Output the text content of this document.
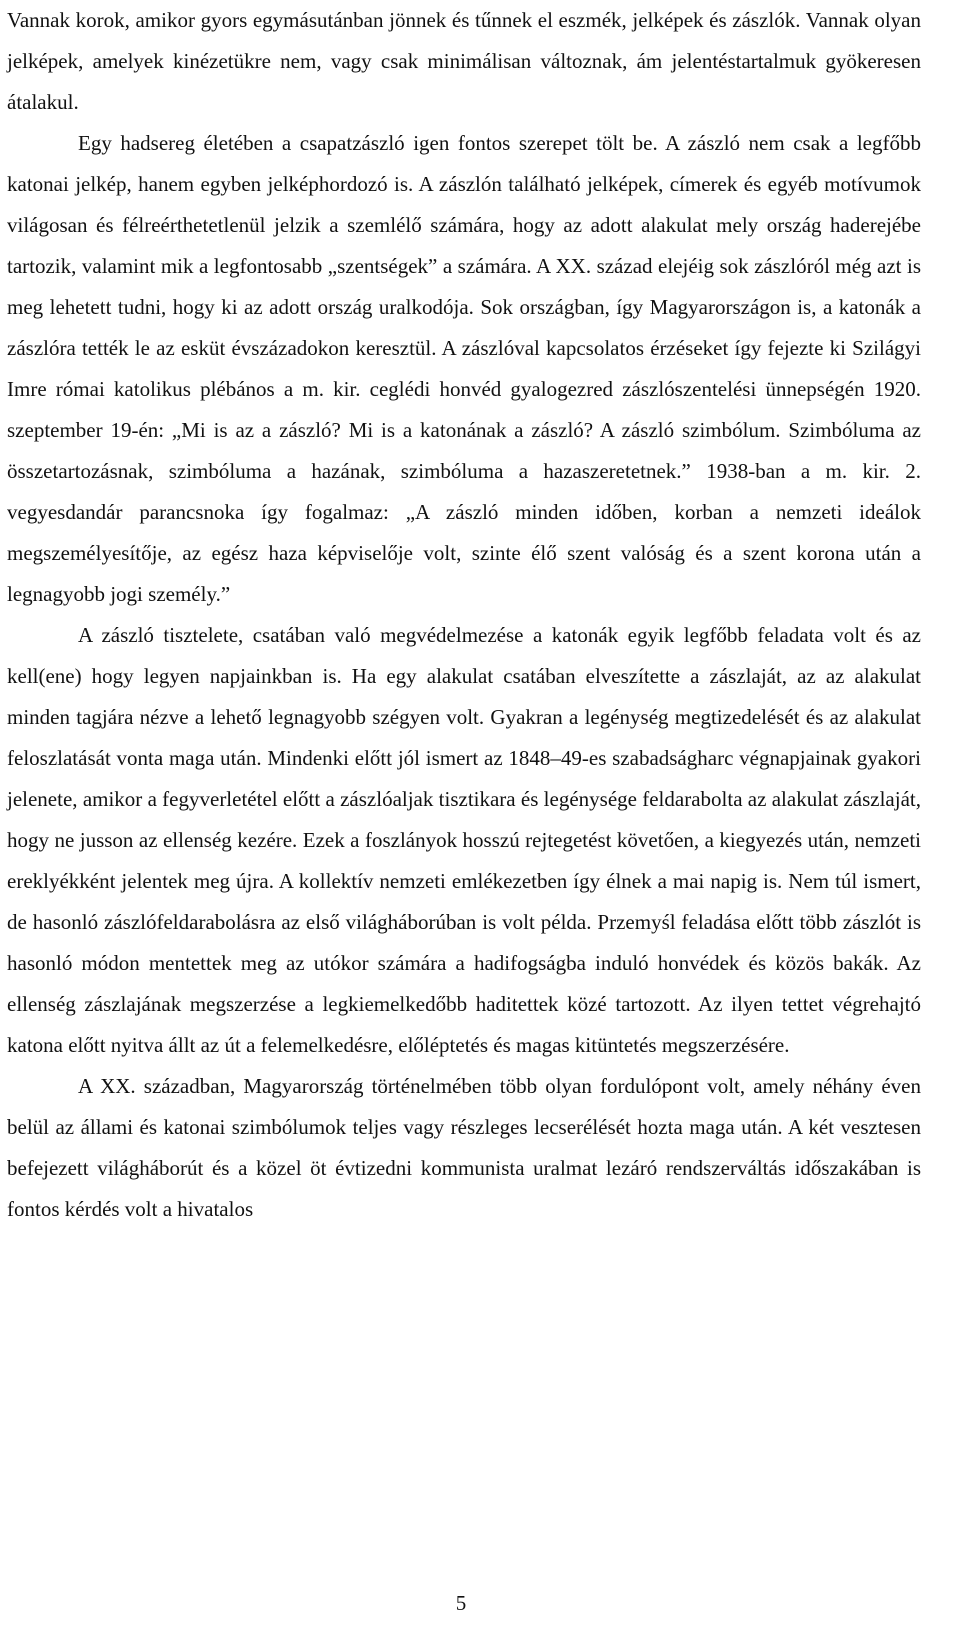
Vannak korok, amikor gyors egymásutánban jönnek és tűnnek el eszmék, jelképek és zászlók. Vannak olyan jelképek, amelyek kinézetükre nem, vagy csak minimálisan változnak, ám jelentéstartalmuk gyökeresen átalakul.

Egy hadsereg életében a csapatzászló igen fontos szerepet tölt be. A zászló nem csak a legfőbb katonai jelkép, hanem egyben jelképhordozó is. A zászlón található jelképek, címerek és egyéb motívumok világosan és félreérthetetlenül jelzik a szemlélő számára, hogy az adott alakulat mely ország haderejébe tartozik, valamint mik a legfontosabb „szentségek” a számára. A XX. század elejéig sok zászlóról még azt is meg lehetett tudni, hogy ki az adott ország uralkodója. Sok országban, így Magyarországon is, a katonák a zászlóra tették le az esküt évszázadokon keresztül. A zászlóval kapcsolatos érzéseket így fejezte ki Szilágyi Imre római katolikus plébános a m. kir. ceglédi honvéd gyalogezred zászlószentelési ünnepségén 1920. szeptember 19-én: „Mi is az a zászló? Mi is a katonának a zászló? A zászló szimbólum. Szimbóluma az összetartozásnak, szimbóluma a hazának, szimbóluma a hazaszeretetnek.” 1938-ban a m. kir. 2. vegyesdandár parancsnoka így fogalmaz: „A zászló minden időben, korban a nemzeti ideálok megszemélyesítője, az egész haza képviselője volt, szinte élő szent valóság és a szent korona után a legnagyobb jogi személy.”

A zászló tisztelete, csatában való megvédelmezése a katonák egyik legfőbb feladata volt és az kell(ene) hogy legyen napjainkban is. Ha egy alakulat csatában elveszítette a zászlaját, az az alakulat minden tagjára nézve a lehető legnagyobb szégyen volt. Gyakran a legénység megtizedelését és az alakulat feloszlatását vonta maga után. Mindenki előtt jól ismert az 1848–49-es szabadságharc végnapjainak gyakori jelenete, amikor a fegyverletétel előtt a zászlóaljak tisztikara és legénysége feldarabolta az alakulat zászlaját, hogy ne jusson az ellenség kezére. Ezek a foszlányok hosszú rejtegetést követően, a kiegyezés után, nemzeti ereklyékként jelentek meg újra. A kollektív nemzeti emlékezetben így élnek a mai napig is. Nem túl ismert, de hasonló zászlófeldarabolásra az első világháborúban is volt példa. Przemyśl feladása előtt több zászlót is hasonló módon mentettek meg az utókor számára a hadifogságba induló honvédek és közös bakák. Az ellenség zászlajának megszerzése a legkiemelkedőbb haditettek közé tartozott. Az ilyen tettet végrehajtó katona előtt nyitva állt az út a felemelkedésre, előléptetés és magas kitüntetés megszerzésére.

A XX. században, Magyarország történelmében több olyan fordulópont volt, amely néhány éven belül az állami és katonai szimbólumok teljes vagy részleges lecserélését hozta maga után. A két vesztesen befejezett világháborút és a közel öt évtizedni kommunista uralmat lezáró rendszerváltás időszakában is fontos kérdés volt a hivatalos

5
